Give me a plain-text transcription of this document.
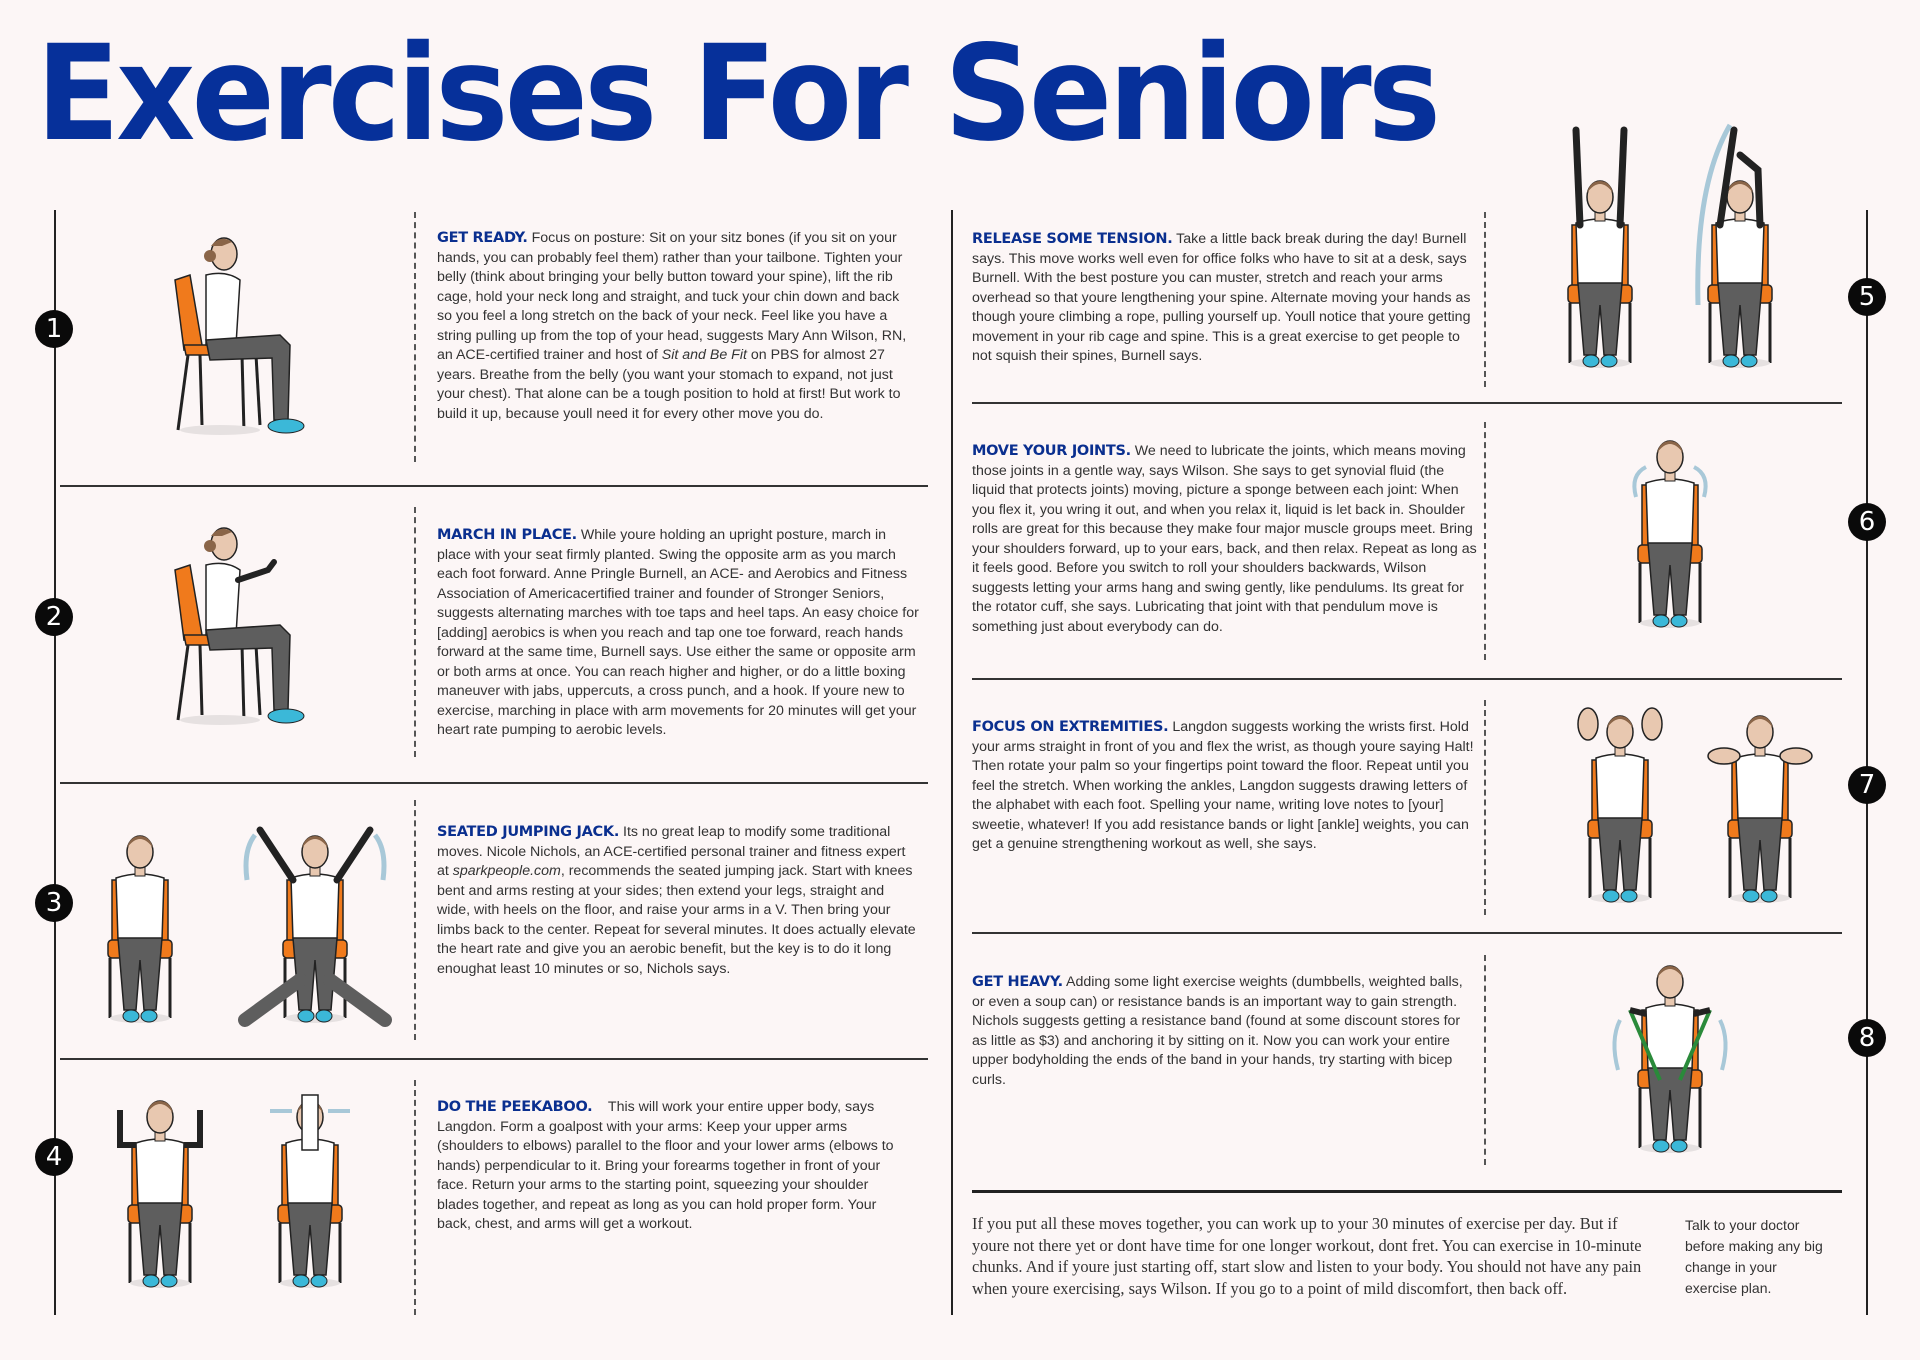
Exercises For Seniors
1
2
3
4
5
6
7
8
GET READY. Focus on posture: Sit on your sitz bones (if you sit on your hands, you can probably feel them) rather than your tailbone. Tighten your belly (think about bringing your belly button toward your spine), lift the rib cage, hold your neck long and straight, and tuck your chin down and back so you feel a long stretch on the back of your neck. Feel like you have a string pulling up from the top of your head, suggests Mary Ann Wilson, RN, an ACE-certified trainer and host of Sit and Be Fit on PBS for almost 27 years. Breathe from the belly (you want your stomach to expand, not just your chest). That alone can be a tough position to hold at first! But work to build it up, because youll need it for every other move you do.
MARCH IN PLACE. While youre holding an upright posture, march in place with your seat firmly planted. Swing the opposite arm as you march each foot forward. Anne Pringle Burnell, an ACE- and Aerobics and Fitness Association of Americacertified trainer and founder of Stronger Seniors, suggests alternating marches with toe taps and heel taps. An easy choice for [adding] aerobics is when you reach and tap one toe forward, reach hands forward at the same time, Burnell says. Use either the same or opposite arm or both arms at once. You can reach higher and higher, or do a little boxing maneuver with jabs, uppercuts, a cross punch, and a hook. If youre new to exercise, marching in place with arm movements for 20 minutes will get your heart rate pumping to aerobic levels.
SEATED JUMPING JACK. Its no great leap to modify some traditional moves. Nicole Nichols, an ACE-certified personal trainer and fitness expert at sparkpeople.com, recommends the seated jumping jack. Start with knees bent and arms resting at your sides; then extend your legs, straight and wide, with heels on the floor, and raise your arms in a V. Then bring your limbs back to the center. Repeat for several minutes. It does actually elevate the heart rate and give you an aerobic benefit, but the key is to do it long enoughat least 10 minutes or so, Nichols says.
DO THE PEEKABOO. This will work your entire upper body, says Langdon. Form a goalpost with your arms: Keep your upper arms (shoulders to elbows) parallel to the floor and your lower arms (elbows to hands) perpendicular to it. Bring your forearms together in front of your face. Return your arms to the starting point, squeezing your shoulder blades together, and repeat as long as you can hold proper form. Your back, chest, and arms will get a workout.
RELEASE SOME TENSION. Take a little back break during the day! Burnell says. This move works well even for office folks who have to sit at a desk, says Burnell. With the best posture you can muster, stretch and reach your arms overhead so that youre lengthening your spine. Alternate moving your hands as though youre climbing a rope, pulling yourself up. Youll notice that youre getting movement in your rib cage and spine. This is a great exercise to get people to not squish their spines, Burnell says.
MOVE YOUR JOINTS. We need to lubricate the joints, which means moving those joints in a gentle way, says Wilson. She says to get synovial fluid (the liquid that protects joints) moving, picture a sponge between each joint: When you flex it, you wring it out, and when you relax it, liquid is let back in. Shoulder rolls are great for this because they make four major muscle groups meet. Bring your shoulders forward, up to your ears, back, and then relax. Repeat as long as it feels good. Before you switch to roll your shoulders backwards, Wilson suggests letting your arms hang and swing gently, like pendulums. Its great for the rotator cuff, she says. Lubricating that joint with that pendulum move is something just about everybody can do.
FOCUS ON EXTREMITIES. Langdon suggests working the wrists first. Hold your arms straight in front of you and flex the wrist, as though youre saying Halt! Then rotate your palm so your fingertips point toward the floor. Repeat until you feel the stretch. When working the ankles, Langdon suggests drawing letters of the alphabet with each foot. Spelling your name, writing love notes to [your] sweetie, whatever! If you add resistance bands or light [ankle] weights, you can get a genuine strengthening workout as well, she says.
GET HEAVY. Adding some light exercise weights (dumbbells, weighted balls, or even a soup can) or resistance bands is an important way to gain strength. Nichols suggests getting a resistance band (found at some discount stores for as little as $3) and anchoring it by sitting on it. Now you can work your entire upper bodyholding the ends of the band in your hands, try starting with bicep curls.
If you put all these moves together, you can work up to your 30 minutes of exercise per day. But if youre not there yet or dont have time for one longer workout, dont fret. You can exercise in 10-minute chunks. And if youre just starting off, start slow and listen to your body. You should not have any pain when youre exercising, says Wilson. If you go to a point of mild discomfort, then back off.
Talk to your doctor before making any big change in your exercise plan.
